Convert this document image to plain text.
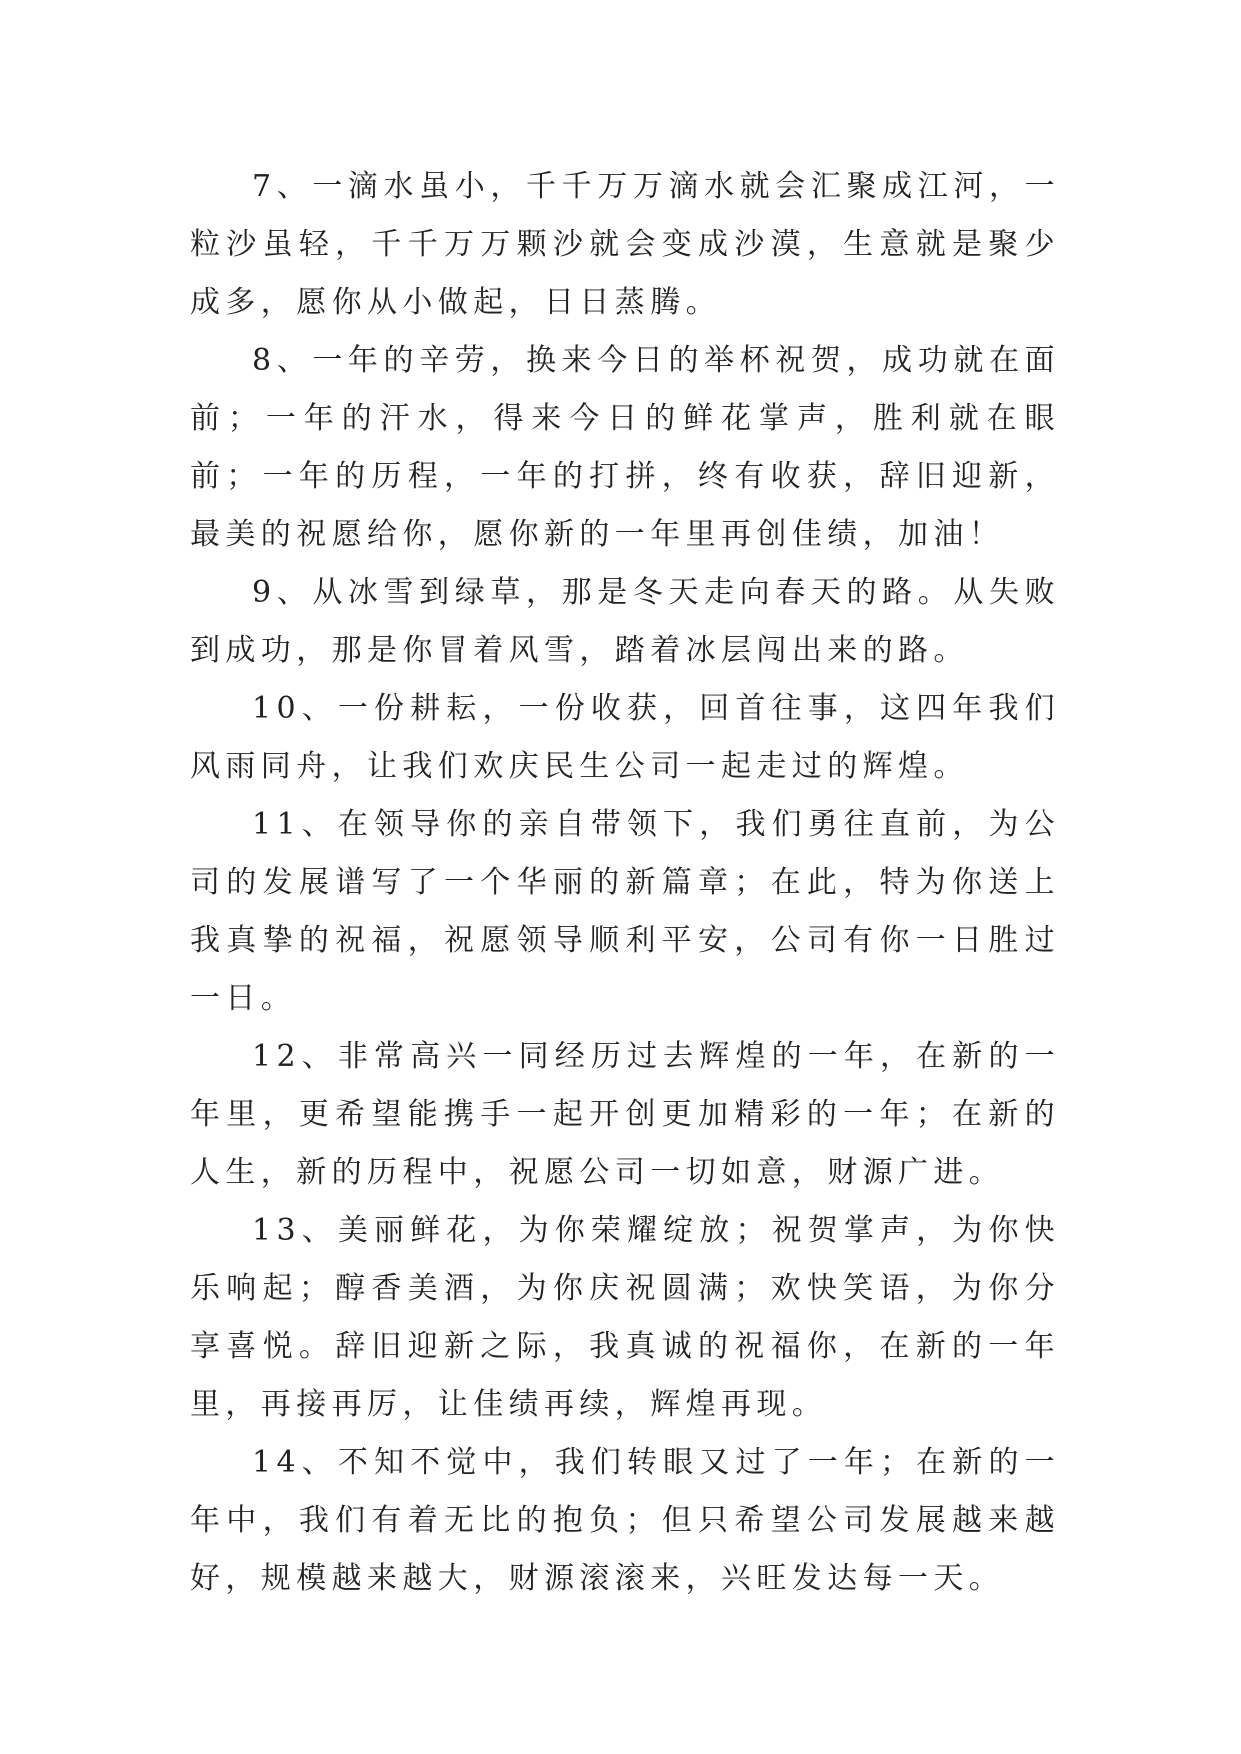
7、一滴水虽小，千千万万滴水就会汇聚成江河，一粒沙虽轻，千千万万颗沙就会变成沙漠，生意就是聚少成多，愿你从小做起，日日蒸腾。

8、一年的辛劳，换来今日的举杯祝贺，成功就在面前；一年的汗水，得来今日的鲜花掌声，胜利就在眼前；一年的历程，一年的打拼，终有收获，辞旧迎新，最美的祝愿给你，愿你新的一年里再创佳绩，加油！

9、从冰雪到绿草，那是冬天走向春天的路。从失败到成功，那是你冒着风雪，踏着冰层闯出来的路。

10、一份耕耘，一份收获，回首往事，这四年我们风雨同舟，让我们欢庆民生公司一起走过的辉煌。

11、在领导你的亲自带领下，我们勇往直前，为公司的发展谱写了一个华丽的新篇章；在此，特为你送上我真挚的祝福，祝愿领导顺利平安，公司有你一日胜过一日。

12、非常高兴一同经历过去辉煌的一年，在新的一年里，更希望能携手一起开创更加精彩的一年；在新的人生，新的历程中，祝愿公司一切如意，财源广进。

13、美丽鲜花，为你荣耀绽放；祝贺掌声，为你快乐响起；醇香美酒，为你庆祝圆满；欢快笑语，为你分享喜悦。辞旧迎新之际，我真诚的祝福你，在新的一年里，再接再厉，让佳绩再续，辉煌再现。

14、不知不觉中，我们转眼又过了一年；在新的一年中，我们有着无比的抱负；但只希望公司发展越来越好，规模越来越大，财源滚滚来，兴旺发达每一天。
